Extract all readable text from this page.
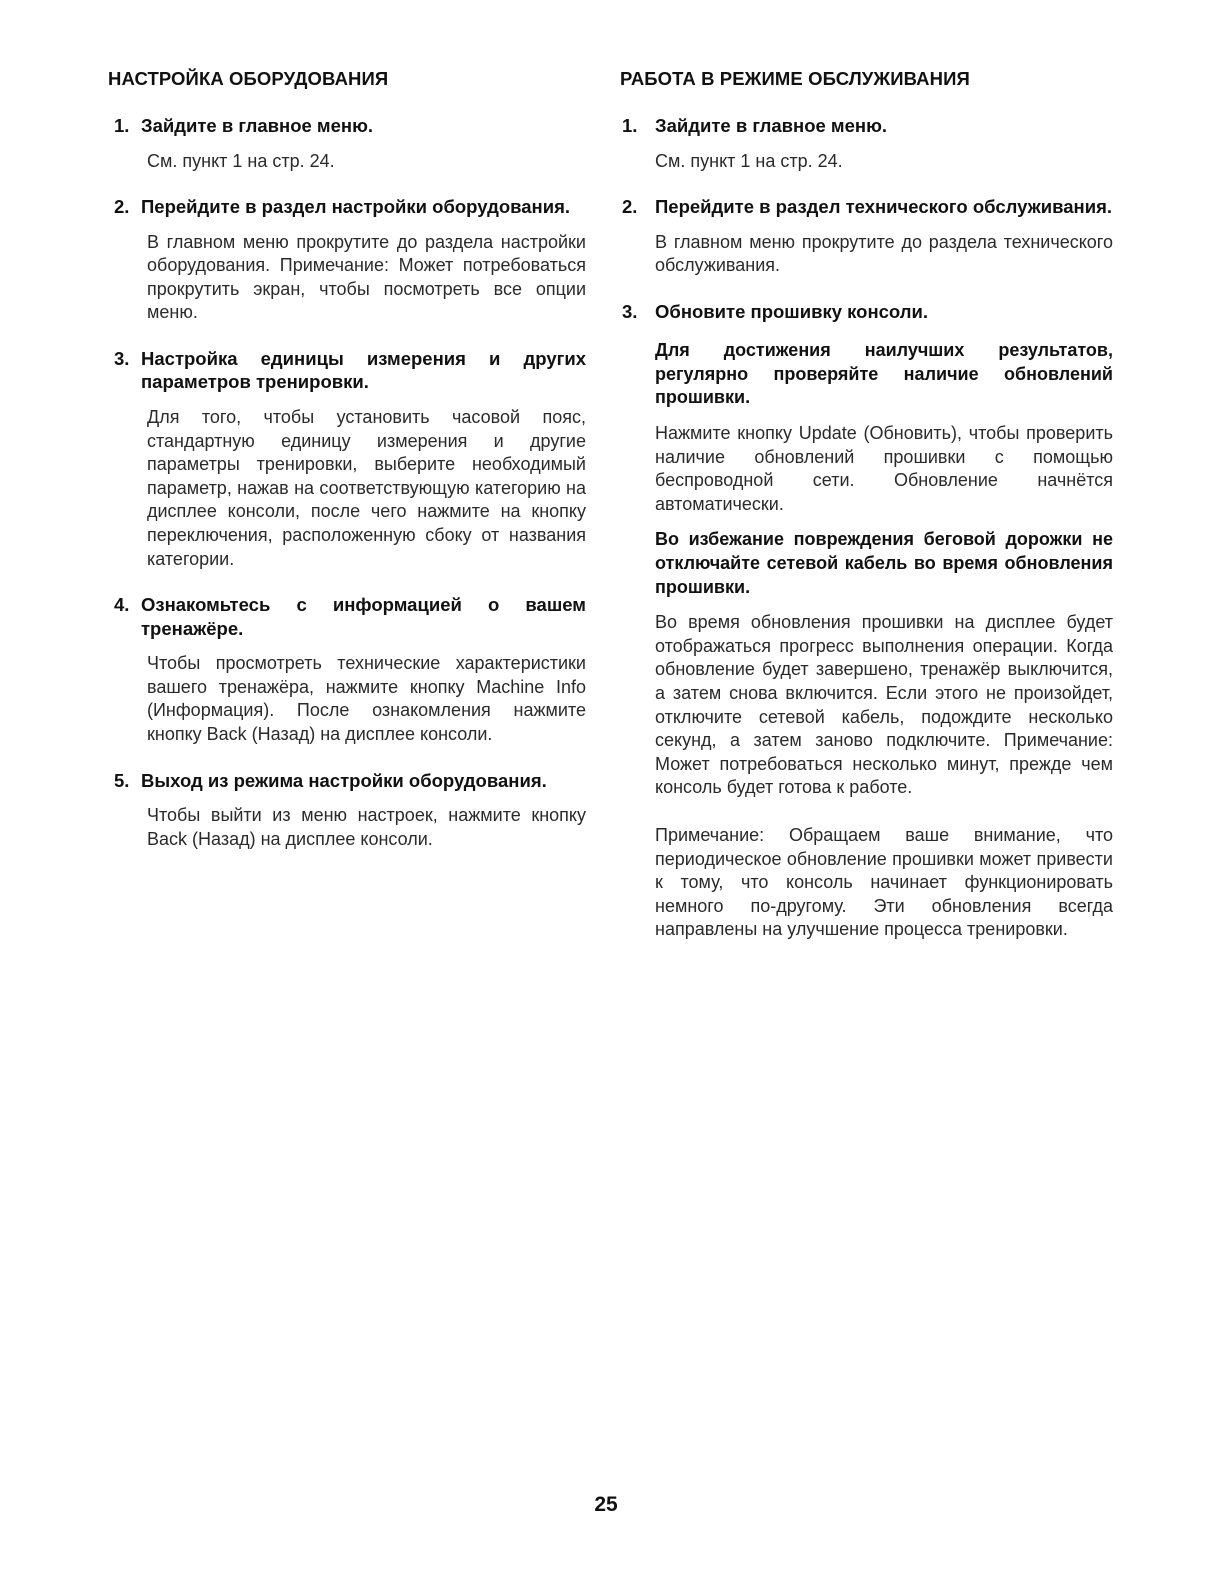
НАСТРОЙКА ОБОРУДОВАНИЯ
1. Зайдите в главное меню.
См. пункт 1 на стр. 24.
2. Перейдите в раздел настройки оборудования.
В главном меню прокрутите до раздела настройки оборудования. Примечание: Может потребоваться прокрутить экран, чтобы посмотреть все опции меню.
3. Настройка единицы измерения и других параметров тренировки.
Для того, чтобы установить часовой пояс, стандартную единицу измерения и другие параметры тренировки, выберите необходимый параметр, нажав на соответствующую категорию на дисплее консоли, после чего нажмите на кнопку переключения, расположенную сбоку от названия категории.
4. Ознакомьтесь с информацией о вашем тренажёре.
Чтобы просмотреть технические характеристики вашего тренажёра, нажмите кнопку Machine Info (Информация). После ознакомления нажмите кнопку Back (Назад) на дисплее консоли.
5. Выход из режима настройки оборудования.
Чтобы выйти из меню настроек, нажмите кнопку Back (Назад) на дисплее консоли.
РАБОТА В РЕЖИМЕ ОБСЛУЖИВАНИЯ
1. Зайдите в главное меню.
См. пункт 1 на стр. 24.
2. Перейдите в раздел технического обслуживания.
В главном меню прокрутите до раздела технического обслуживания.
3. Обновите прошивку консоли.

Для достижения наилучших результатов, регулярно проверяйте наличие обновлений прошивки.

Нажмите кнопку Update (Обновить), чтобы проверить наличие обновлений прошивки с помощью беспроводной сети. Обновление начнётся автоматически.

Во избежание повреждения беговой дорожки не отключайте сетевой кабель во время обновления прошивки.

Во время обновления прошивки на дисплее будет отображаться прогресс выполнения операции. Когда обновление будет завершено, тренажёр выключится, а затем снова включится. Если этого не произойдет, отключите сетевой кабель, подождите несколько секунд, а затем заново подключите. Примечание: Может потребоваться несколько минут, прежде чем консоль будет готова к работе.

Примечание: Обращаем ваше внимание, что периодическое обновление прошивки может привести к тому, что консоль начинает функционировать немного по-другому. Эти обновления всегда направлены на улучшение процесса тренировки.
25
